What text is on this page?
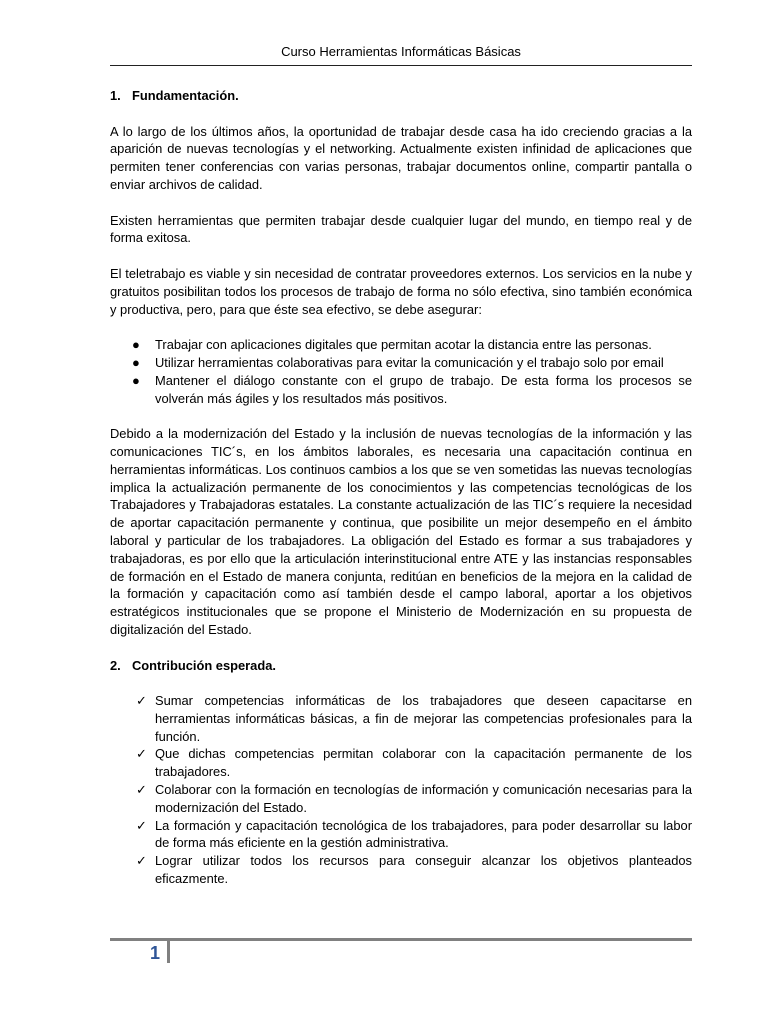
Curso Herramientas Informáticas Básicas
1. Fundamentación.

A lo largo de los últimos años, la oportunidad de trabajar desde casa ha ido creciendo gracias a la aparición de nuevas tecnologías y el networking. Actualmente existen infinidad de aplicaciones que permiten tener conferencias con varias personas, trabajar documentos online, compartir pantalla o enviar archivos de calidad.

Existen herramientas que permiten trabajar desde cualquier lugar del mundo, en tiempo real y de forma exitosa.

El teletrabajo es viable y sin necesidad de contratar proveedores externos. Los servicios en la nube y gratuitos posibilitan todos los procesos de trabajo de forma no sólo efectiva, sino también económica y productiva, pero, para que éste sea efectivo, se debe asegurar:

● Trabajar con aplicaciones digitales que permitan acotar la distancia entre las personas.
● Utilizar herramientas colaborativas para evitar la comunicación y el trabajo solo por email
● Mantener el diálogo constante con el grupo de trabajo. De esta forma los procesos se volverán más ágiles y los resultados más positivos.

Debido a la modernización del Estado y la inclusión de nuevas tecnologías de la información y las comunicaciones TIC´s, en los ámbitos laborales, es necesaria una capacitación continua en herramientas informáticas. Los continuos cambios a los que se ven sometidas las nuevas tecnologías implica la actualización permanente de los conocimientos y las competencias tecnológicas de los Trabajadores y Trabajadoras estatales. La constante actualización de las TIC´s requiere la necesidad de aportar capacitación permanente y continua, que posibilite un mejor desempeño en el ámbito laboral y particular de los trabajadores. La obligación del Estado es formar a sus trabajadores y trabajadoras, es por ello que la articulación interinstitucional entre ATE y las instancias responsables de formación en el Estado de manera conjunta, reditúan en beneficios de la mejora en la calidad de la formación y capacitación como así también desde el campo laboral, aportar a los objetivos estratégicos institucionales que se propone el Ministerio de Modernización en su propuesta de digitalización del Estado.

2. Contribución esperada.
✓ Sumar competencias informáticas de los trabajadores que deseen capacitarse en herramientas informáticas básicas, a fin de mejorar las competencias profesionales para la función.
✓ Que dichas competencias permitan colaborar con la capacitación permanente de los trabajadores.
✓ Colaborar con la formación en tecnologías de información y comunicación necesarias para la modernización del Estado.
✓ La formación y capacitación tecnológica de los trabajadores, para poder desarrollar su labor de forma más eficiente en la gestión administrativa.
✓ Lograr utilizar todos los recursos para conseguir alcanzar los objetivos planteados eficazmente.
1
